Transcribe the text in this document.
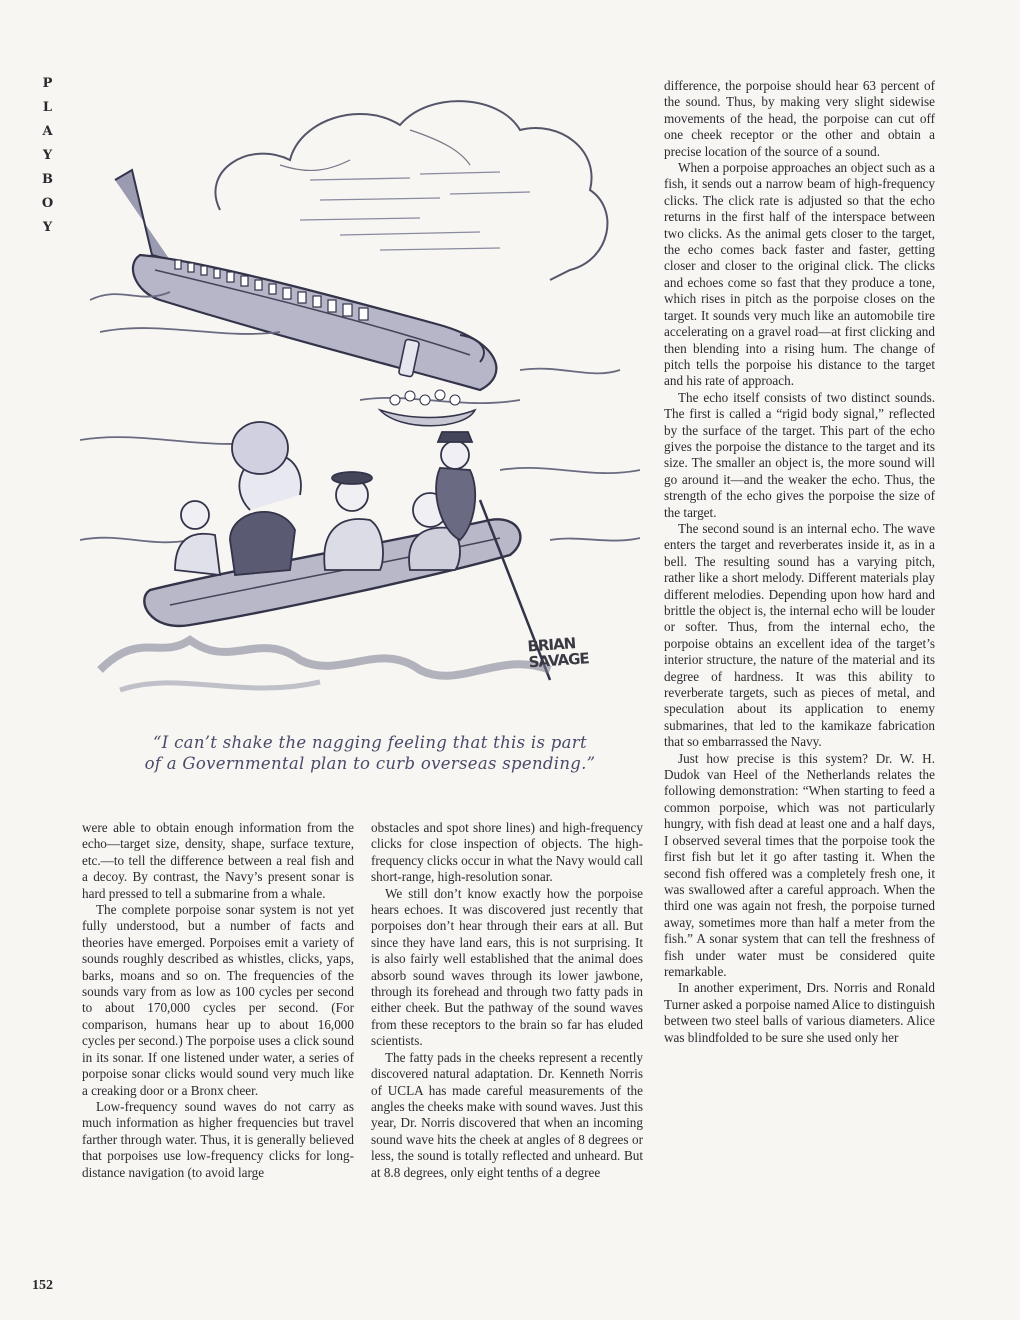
P
L
A
Y
B
O
Y
BRIAN
SAVAGE
“I can’t shake the nagging feeling that this is part
of a Governmental plan to curb overseas spending.”

were able to obtain enough information from the echo—target size, density, shape, surface texture, etc.—to tell the difference between a real fish and a decoy. By contrast, the Navy’s present sonar is hard pressed to tell a submarine from a whale.

The complete porpoise sonar system is not yet fully understood, but a number of facts and theories have emerged. Porpoises emit a variety of sounds roughly described as whistles, clicks, yaps, barks, moans and so on. The frequencies of the sounds vary from as low as 100 cycles per second to about 170,000 cycles per second. (For comparison, humans hear up to about 16,000 cycles per second.) The porpoise uses a click sound in its sonar. If one listened under water, a series of porpoise sonar clicks would sound very much like a creaking door or a Bronx cheer.

Low-frequency sound waves do not carry as much information as higher frequencies but travel farther through water. Thus, it is generally believed that porpoises use low-frequency clicks for long-distance navigation (to avoid large

obstacles and spot shore lines) and high-frequency clicks for close inspection of objects. The high-frequency clicks occur in what the Navy would call short-range, high-resolution sonar.

We still don’t know exactly how the porpoise hears echoes. It was discovered just recently that porpoises don’t hear through their ears at all. But since they have land ears, this is not surprising. It is also fairly well established that the animal does absorb sound waves through its lower jawbone, through its forehead and through two fatty pads in either cheek. But the pathway of the sound waves from these receptors to the brain so far has eluded scientists.

The fatty pads in the cheeks represent a recently discovered natural adaptation. Dr. Kenneth Norris of UCLA has made careful measurements of the angles the cheeks make with sound waves. Just this year, Dr. Norris discovered that when an incoming sound wave hits the cheek at angles of 8 degrees or less, the sound is totally reflected and unheard. But at 8.8 degrees, only eight tenths of a degree

difference, the porpoise should hear 63 percent of the sound. Thus, by making very slight sidewise movements of the head, the porpoise can cut off one cheek receptor or the other and obtain a precise location of the source of a sound.

When a porpoise approaches an object such as a fish, it sends out a narrow beam of high-frequency clicks. The click rate is adjusted so that the echo returns in the first half of the interspace between two clicks. As the animal gets closer to the target, the echo comes back faster and faster, getting closer and closer to the original click. The clicks and echoes come so fast that they produce a tone, which rises in pitch as the porpoise closes on the target. It sounds very much like an automobile tire accelerating on a gravel road—at first clicking and then blending into a rising hum. The change of pitch tells the porpoise his distance to the target and his rate of approach.

The echo itself consists of two distinct sounds. The first is called a “rigid body signal,” reflected by the surface of the target. This part of the echo gives the porpoise the distance to the target and its size. The smaller an object is, the more sound will go around it—and the weaker the echo. Thus, the strength of the echo gives the porpoise the size of the target.

The second sound is an internal echo. The wave enters the target and reverberates inside it, as in a bell. The resulting sound has a varying pitch, rather like a short melody. Different materials play different melodies. Depending upon how hard and brittle the object is, the internal echo will be louder or softer. Thus, from the internal echo, the porpoise obtains an excellent idea of the target’s interior structure, the nature of the material and its degree of hardness. It was this ability to reverberate targets, such as pieces of metal, and speculation about its application to enemy submarines, that led to the kamikaze fabrication that so embarrassed the Navy.

Just how precise is this system? Dr. W. H. Dudok van Heel of the Netherlands relates the following demonstration: “When starting to feed a common porpoise, which was not particularly hungry, with fish dead at least one and a half days, I observed several times that the porpoise took the first fish but let it go after tasting it. When the second fish offered was a completely fresh one, it was swallowed after a careful approach. When the third one was again not fresh, the porpoise turned away, sometimes more than half a meter from the fish.” A sonar system that can tell the freshness of fish under water must be considered quite remarkable.

In another experiment, Drs. Norris and Ronald Turner asked a porpoise named Alice to distinguish between two steel balls of various diameters. Alice was blindfolded to be sure she used only her

152
